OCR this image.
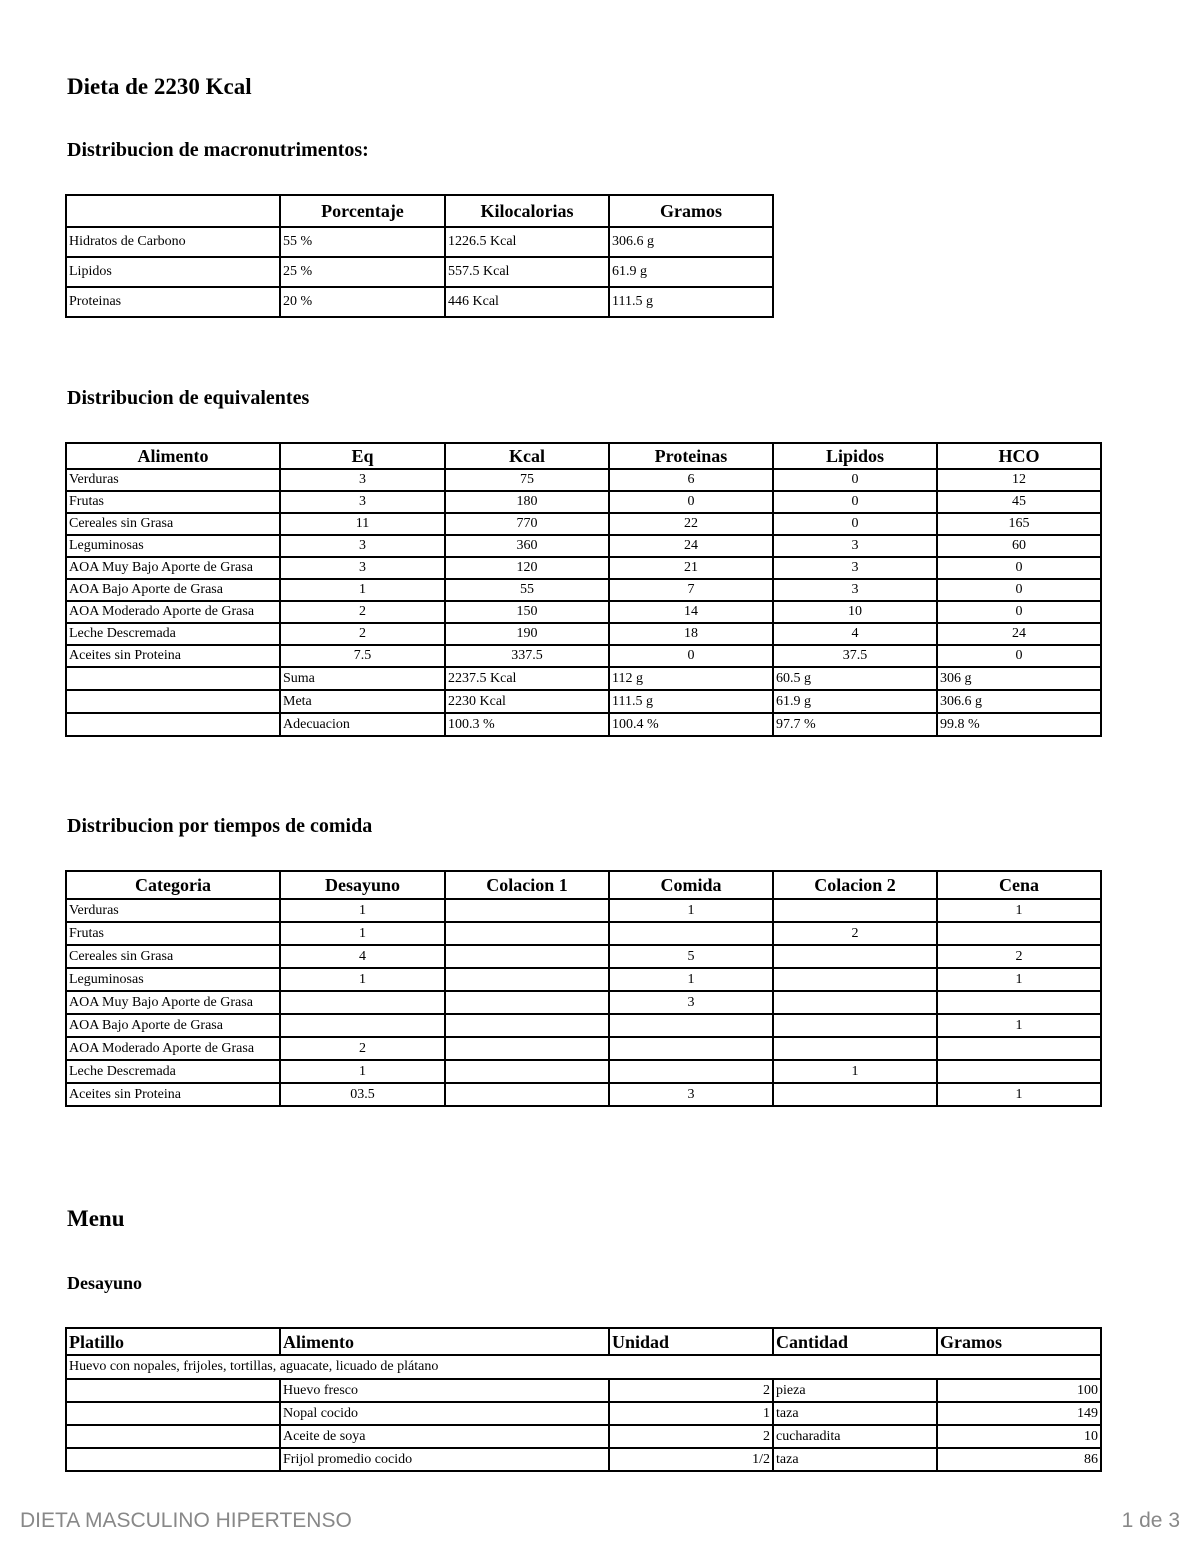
Dieta de 2230 Kcal
Distribucion de macronutrimentos:
	Porcentaje	Kilocalorias	Gramos
Hidratos de Carbono	55 %	1226.5 Kcal	306.6 g
Lipidos	25 %	557.5 Kcal	61.9 g
Proteinas	20 %	446 Kcal	111.5 g
Distribucion de equivalentes
Alimento	Eq	Kcal	Proteinas	Lipidos	HCO
Verduras	3	75	6	0	12
Frutas	3	180	0	0	45
Cereales sin Grasa	11	770	22	0	165
Leguminosas	3	360	24	3	60
AOA Muy Bajo Aporte de Grasa	3	120	21	3	0
AOA Bajo Aporte de Grasa	1	55	7	3	0
AOA Moderado Aporte de Grasa	2	150	14	10	0
Leche Descremada	2	190	18	4	24
Aceites sin Proteina	7.5	337.5	0	37.5	0
	Suma	2237.5 Kcal	112 g	60.5 g	306 g
	Meta	2230 Kcal	111.5 g	61.9 g	306.6 g
	Adecuacion	100.3 %	100.4 %	97.7 %	99.8 %
Distribucion por tiempos de comida
Categoria	Desayuno	Colacion 1	Comida	Colacion 2	Cena
Verduras	1		1		1
Frutas	1			2	
Cereales sin Grasa	4		5		2
Leguminosas	1		1		1
AOA Muy Bajo Aporte de Grasa			3		
AOA Bajo Aporte de Grasa					1
AOA Moderado Aporte de Grasa	2				
Leche Descremada	1			1	
Aceites sin Proteina	03.5		3		1
Menu
Desayuno
Platillo	Alimento	Unidad	Cantidad	Gramos
Huevo con nopales, frijoles, tortillas, aguacate, licuado de plátano				
	Huevo fresco	2	pieza	100
	Nopal cocido	1	taza	149
	Aceite de soya	2	cucharadita	10
	Frijol promedio cocido	1/2	taza	86
DIETA MASCULINO HIPERTENSO	1 de 3
